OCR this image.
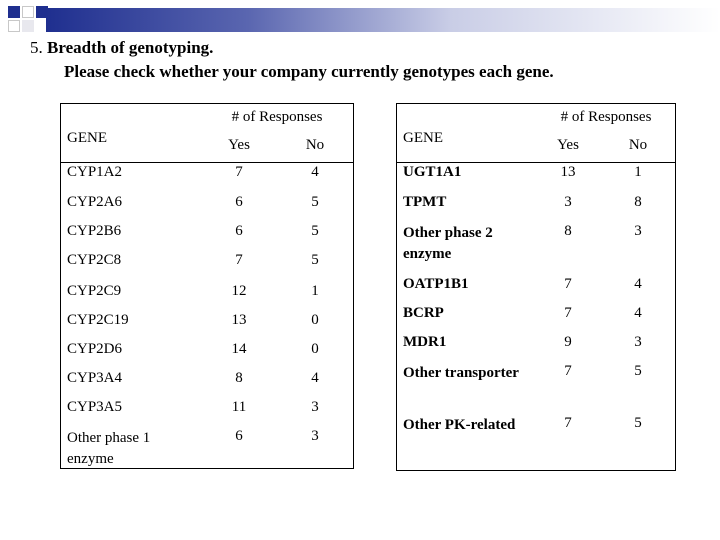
5. Breadth of genotyping.
Please check whether your company currently genotypes each gene.
	# of Responses	
GENE	Yes	No
CYP1A2	7	4
CYP2A6	6	5
CYP2B6	6	5
CYP2C8	7	5
CYP2C9	12	1
CYP2C19	13	0
CYP2D6	14	0
CYP3A4	8	4
CYP3A5	11	3
Other phase 1 enzyme	6	3
	# of Responses	
GENE	Yes	No
UGT1A1	13	1
TPMT	3	8
Other phase 2 enzyme	8	3
OATP1B1	7	4
BCRP	7	4
MDR1	9	3
Other transporter	7	5
Other PK-related	7	5
